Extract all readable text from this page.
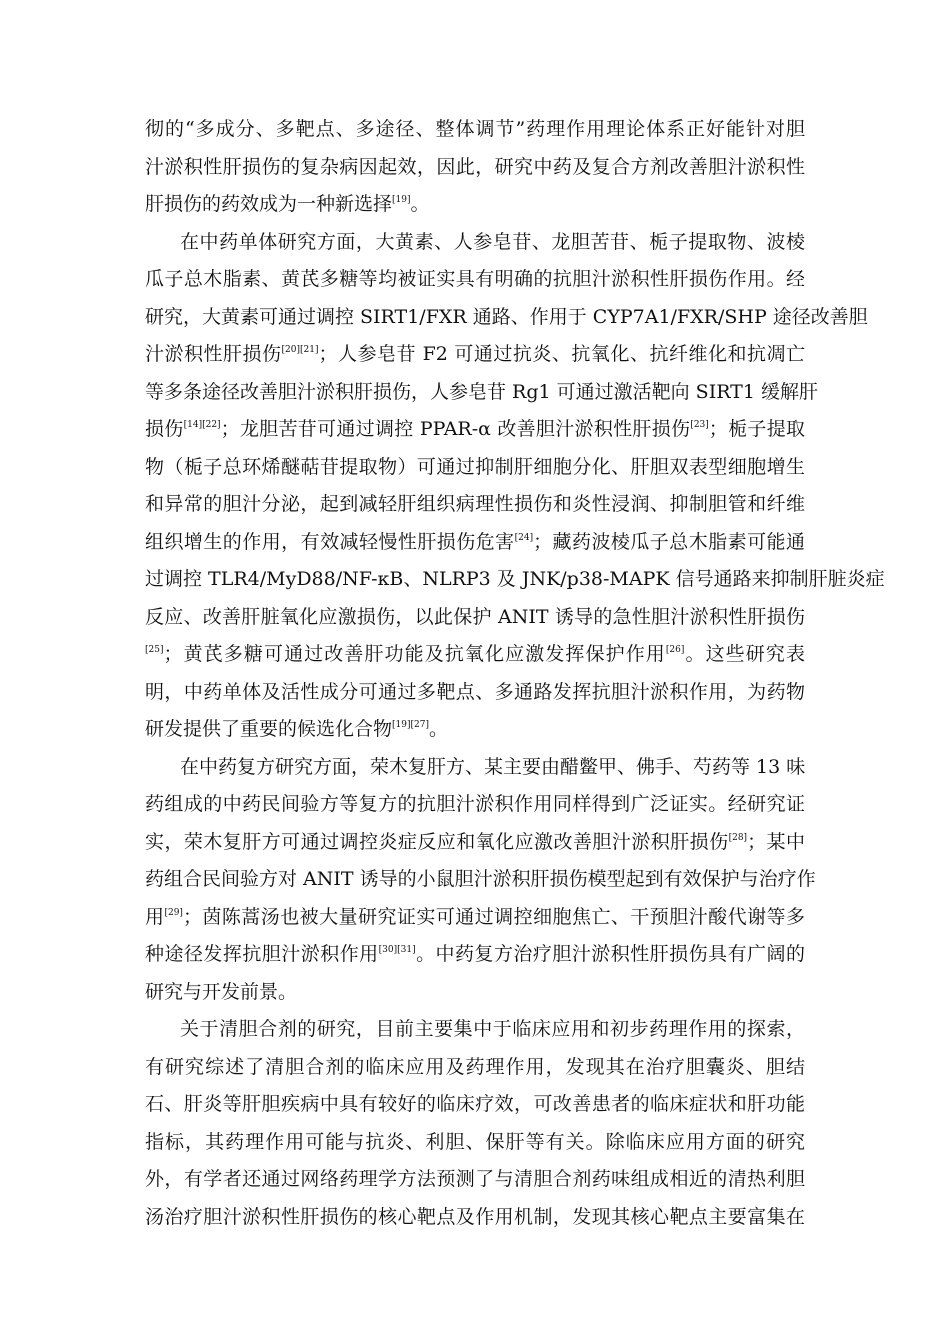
彻的“多成分、多靶点、多途径、整体调节”药理作用理论体系正好能针对胆
汁淤积性肝损伤的复杂病因起效，因此，研究中药及复合方剂改善胆汁淤积性
肝损伤的药效成为一种新选择[19]。
在中药单体研究方面，大黄素、人参皂苷、龙胆苦苷、栀子提取物、波棱
瓜子总木脂素、黄芪多糖等均被证实具有明确的抗胆汁淤积性肝损伤作用。经
研究，大黄素可通过调控 SIRT1/FXR 通路、作用于 CYP7A1/FXR/SHP 途径改善胆
汁淤积性肝损伤[20][21]；人参皂苷 F2 可通过抗炎、抗氧化、抗纤维化和抗凋亡
等多条途径改善胆汁淤积肝损伤，人参皂苷 Rg1 可通过激活靶向 SIRT1 缓解肝
损伤[14][22]；龙胆苦苷可通过调控 PPAR-α 改善胆汁淤积性肝损伤[23]；栀子提取
物（栀子总环烯醚萜苷提取物）可通过抑制肝细胞分化、肝胆双表型细胞增生
和异常的胆汁分泌，起到减轻肝组织病理性损伤和炎性浸润、抑制胆管和纤维
组织增生的作用，有效减轻慢性肝损伤危害[24]；藏药波棱瓜子总木脂素可能通
过调控 TLR4/MyD88/NF-κB、NLRP3 及 JNK/p38-MAPK 信号通路来抑制肝脏炎症
反应、改善肝脏氧化应激损伤，以此保护 ANIT 诱导的急性胆汁淤积性肝损伤
[25]；黄芪多糖可通过改善肝功能及抗氧化应激发挥保护作用[26]。这些研究表
明，中药单体及活性成分可通过多靶点、多通路发挥抗胆汁淤积作用，为药物
研发提供了重要的候选化合物[19][27]。
在中药复方研究方面，荣木复肝方、某主要由醋鳖甲、佛手、芍药等 13 味
药组成的中药民间验方等复方的抗胆汁淤积作用同样得到广泛证实。经研究证
实，荣木复肝方可通过调控炎症反应和氧化应激改善胆汁淤积肝损伤[28]；某中
药组合民间验方对 ANIT 诱导的小鼠胆汁淤积肝损伤模型起到有效保护与治疗作
用[29]；茵陈蒿汤也被大量研究证实可通过调控细胞焦亡、干预胆汁酸代谢等多
种途径发挥抗胆汁淤积作用[30][31]。中药复方治疗胆汁淤积性肝损伤具有广阔的
研究与开发前景。
关于清胆合剂的研究，目前主要集中于临床应用和初步药理作用的探索，
有研究综述了清胆合剂的临床应用及药理作用，发现其在治疗胆囊炎、胆结
石、肝炎等肝胆疾病中具有较好的临床疗效，可改善患者的临床症状和肝功能
指标，其药理作用可能与抗炎、利胆、保肝等有关。除临床应用方面的研究
外，有学者还通过网络药理学方法预测了与清胆合剂药味组成相近的清热利胆
汤治疗胆汁淤积性肝损伤的核心靶点及作用机制，发现其核心靶点主要富集在
